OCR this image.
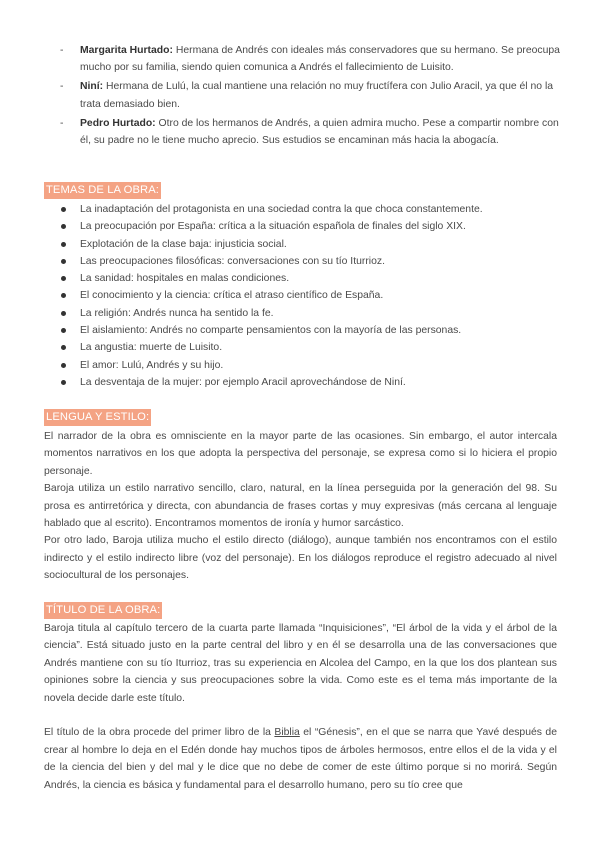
- Margarita Hurtado: Hermana de Andrés con ideales más conservadores que su hermano. Se preocupa mucho por su familia, siendo quien comunica a Andrés el fallecimiento de Luisito.
- Niní: Hermana de Lulú, la cual mantiene una relación no muy fructífera con Julio Aracil, ya que él no la trata demasiado bien.
- Pedro Hurtado: Otro de los hermanos de Andrés, a quien admira mucho. Pese a compartir nombre con él, su padre no le tiene mucho aprecio. Sus estudios se encaminan más hacia la abogacía.
TEMAS DE LA OBRA:
La inadaptación del protagonista en una sociedad contra la que choca constantemente.
La preocupación por España: crítica a la situación española de finales del siglo XIX.
Explotación de la clase baja: injusticia social.
Las preocupaciones filosóficas: conversaciones con su tío Iturrioz.
La sanidad: hospitales en malas condiciones.
El conocimiento y la ciencia: crítica el atraso científico de España.
La religión: Andrés nunca ha sentido la fe.
El aislamiento: Andrés no comparte pensamientos con la mayoría de las personas.
La angustia: muerte de Luisito.
El amor: Lulú, Andrés y su hijo.
La desventaja de la mujer: por ejemplo Aracil aprovechándose de Niní.
LENGUA Y ESTILO:

El narrador de la obra es omnisciente en la mayor parte de las ocasiones. Sin embargo, el autor intercala momentos narrativos en los que adopta la perspectiva del personaje, se expresa como si lo hiciera el propio personaje.

Baroja utiliza un estilo narrativo sencillo, claro, natural, en la línea perseguida por la generación del 98. Su prosa es antirretórica y directa, con abundancia de frases cortas y muy expresivas (más cercana al lenguaje hablado que al escrito). Encontramos momentos de ironía y humor sarcástico.

Por otro lado, Baroja utiliza mucho el estilo directo (diálogo), aunque también nos encontramos con el estilo indirecto y el estilo indirecto libre (voz del personaje). En los diálogos reproduce el registro adecuado al nivel sociocultural de los personajes.

TÍTULO DE LA OBRA:

Baroja titula al capítulo tercero de la cuarta parte llamada “Inquisiciones”, “El árbol de la vida y el árbol de la ciencia”. Está situado justo en la parte central del libro y en él se desarrolla una de las conversaciones que Andrés mantiene con su tío Iturrioz, tras su experiencia en Alcolea del Campo, en la que los dos plantean sus opiniones sobre la ciencia y sus preocupaciones sobre la vida. Como este es el tema más importante de la novela decide darle este título.

El título de la obra procede del primer libro de la Biblia el “Génesis”, en el que se narra que Yavé después de crear al hombre lo deja en el Edén donde hay muchos tipos de árboles hermosos, entre ellos el de la vida y el de la ciencia del bien y del mal y le dice que no debe de comer de este último porque si no morirá. Según Andrés, la ciencia es básica y fundamental para el desarrollo humano, pero su tío cree que
